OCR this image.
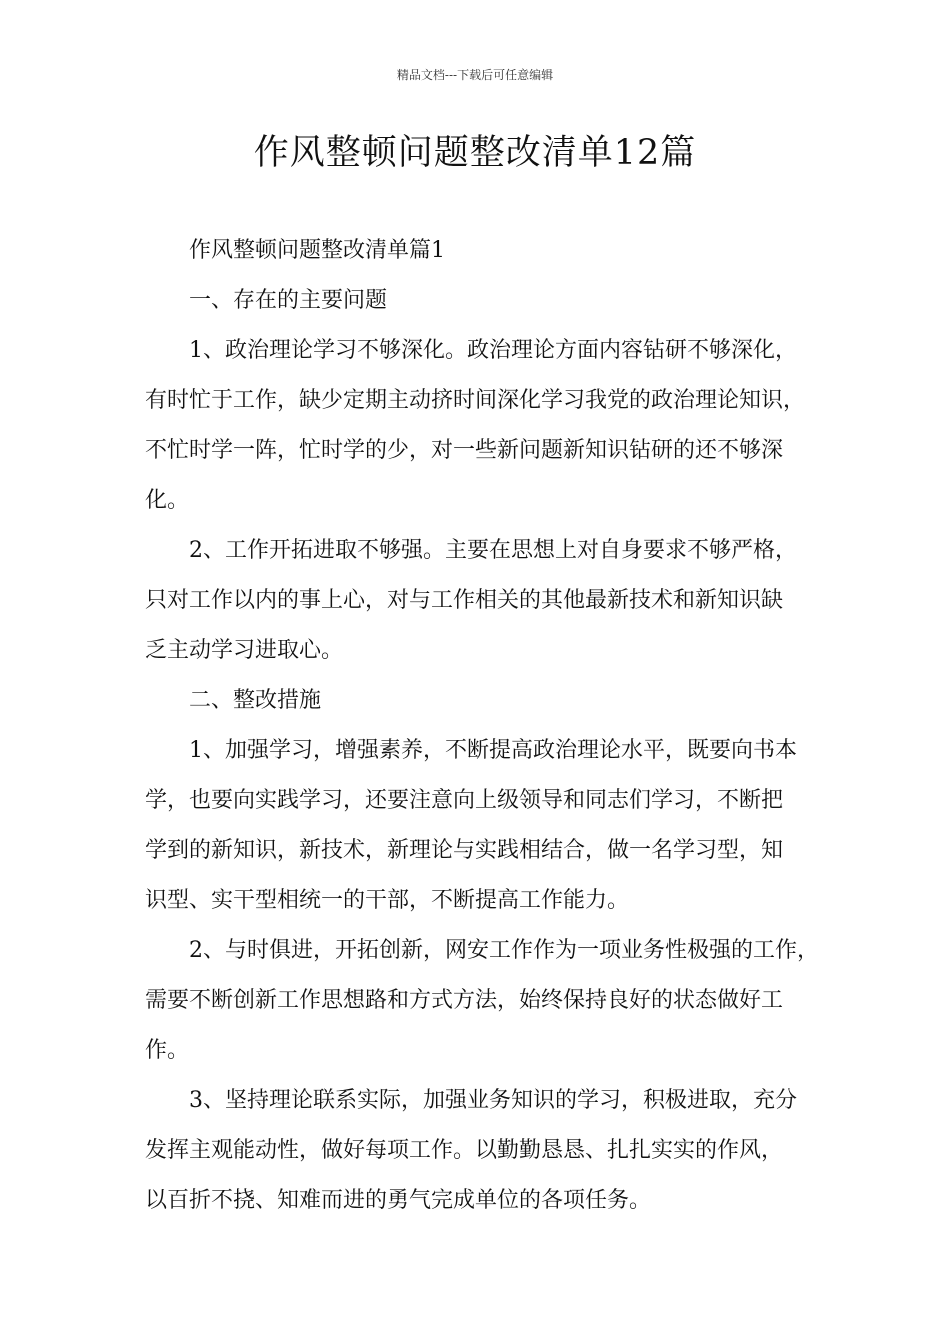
精品文档---下载后可任意编辑
作风整顿问题整改清单12篇

作风整顿问题整改清单篇1

一、存在的主要问题

1、政治理论学习不够深化。政治理论方面内容钻研不够深化，

有时忙于工作，缺少定期主动挤时间深化学习我党的政治理论知识，

不忙时学一阵，忙时学的少，对一些新问题新知识钻研的还不够深

化。

2、工作开拓进取不够强。主要在思想上对自身要求不够严格，

只对工作以内的事上心，对与工作相关的其他最新技术和新知识缺

乏主动学习进取心。

二、整改措施

1、加强学习，增强素养，不断提高政治理论水平，既要向书本

学，也要向实践学习，还要注意向上级领导和同志们学习，不断把

学到的新知识，新技术，新理论与实践相结合，做一名学习型，知

识型、实干型相统一的干部，不断提高工作能力。

2、与时俱进，开拓创新，网安工作作为一项业务性极强的工作，

需要不断创新工作思想路和方式方法，始终保持良好的状态做好工

作。

3、坚持理论联系实际，加强业务知识的学习，积极进取，充分

发挥主观能动性，做好每项工作。以勤勤恳恳、扎扎实实的作风，

以百折不挠、知难而进的勇气完成单位的各项任务。
